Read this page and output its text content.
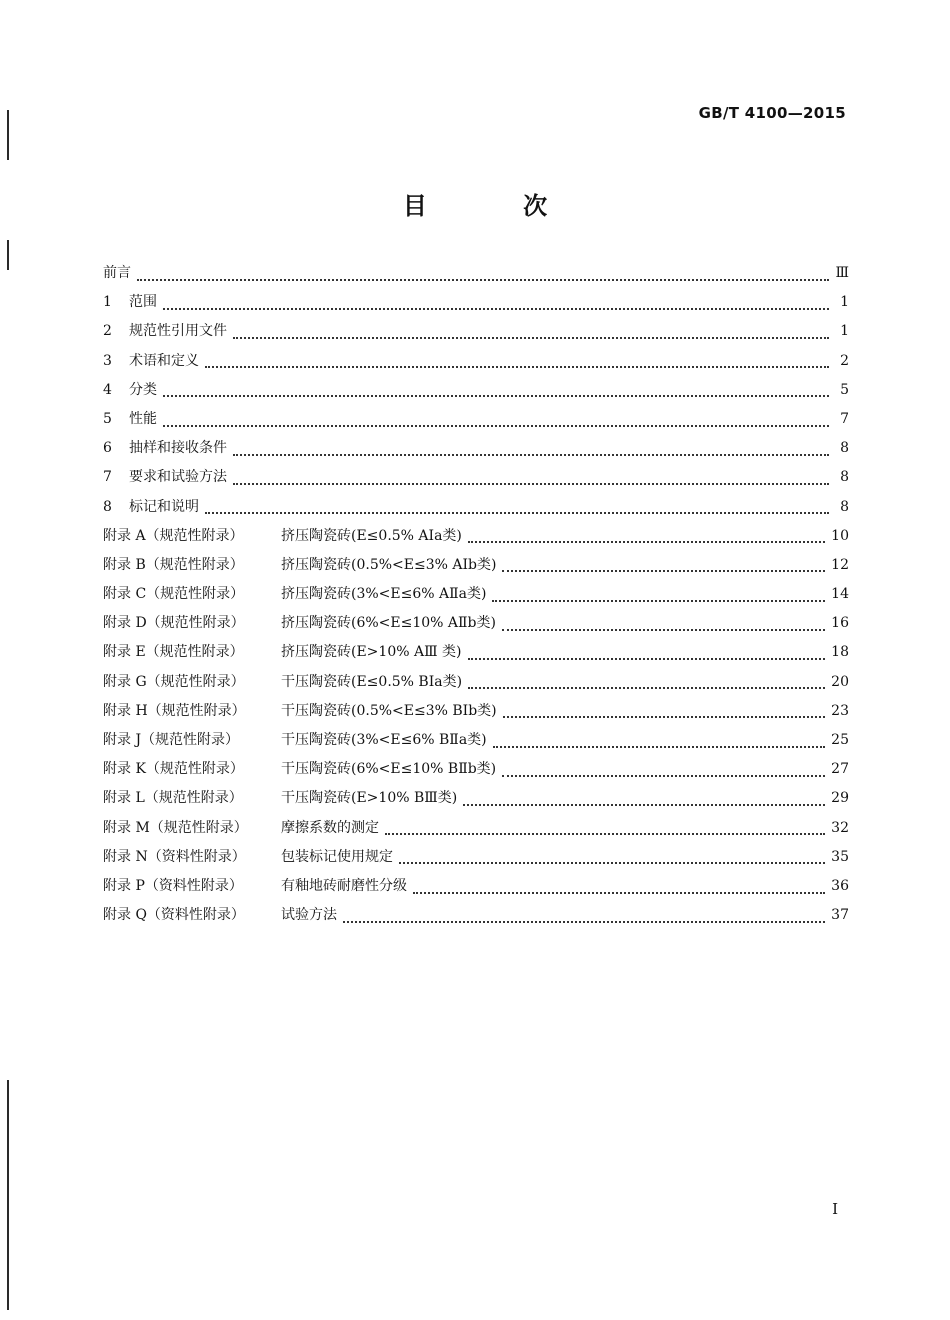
GB/T 4100—2015
目 次
前言	Ⅲ
1 范围	1
2 规范性引用文件	1
3 术语和定义	2
4 分类	5
5 性能	7
6 抽样和接收条件	8
7 要求和试验方法	8
8 标记和说明	8
附录 A（规范性附录）	挤压陶瓷砖(E≤0.5% AⅠa类)	10
附录 B（规范性附录）	挤压陶瓷砖(0.5%<E≤3% AⅠb类)	12
附录 C（规范性附录）	挤压陶瓷砖(3%<E≤6% AⅡa类)	14
附录 D（规范性附录）	挤压陶瓷砖(6%<E≤10% AⅡb类)	16
附录 E（规范性附录）	挤压陶瓷砖(E>10% AⅢ 类)	18
附录 G（规范性附录）	干压陶瓷砖(E≤0.5% BⅠa类)	20
附录 H（规范性附录）	干压陶瓷砖(0.5%<E≤3% BⅠb类)	23
附录 J（规范性附录）	干压陶瓷砖(3%<E≤6% BⅡa类)	25
附录 K（规范性附录）	干压陶瓷砖(6%<E≤10% BⅡb类)	27
附录 L（规范性附录）	干压陶瓷砖(E>10% BⅢ类)	29
附录 M（规范性附录） 摩擦系数的测定	32
附录 N（资料性附录）	包装标记使用规定	35
附录 P（资料性附录）	有釉地砖耐磨性分级	36
附录 Q（资料性附录）	试验方法	37
I
